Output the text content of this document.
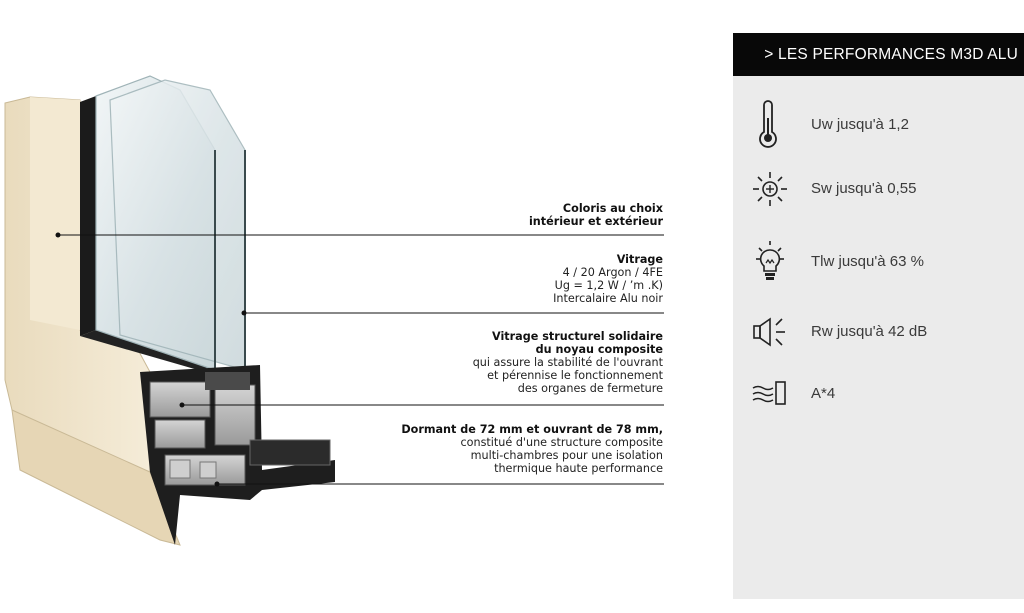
Coloris au choix
intérieur et extérieur
Vitrage
4 / 20 Argon / 4FE
Ug = 1,2 W / ’m .K)
Intercalaire Alu noir
Vitrage structurel solidaire
du noyau composite
qui assure la stabilité de l'ouvrant
et pérennise le fonctionnement
des organes de fermeture
Dormant de 72 mm et ouvrant de 78 mm,
constitué d'une structure composite
multi-chambres pour une isolation
thermique haute performance
> LES PERFORMANCES M3D ALU
Uw jusqu'à 1,2
Sw jusqu'à 0,55
Tlw jusqu'à 63 %
Rw jusqu'à 42 dB
A*4
